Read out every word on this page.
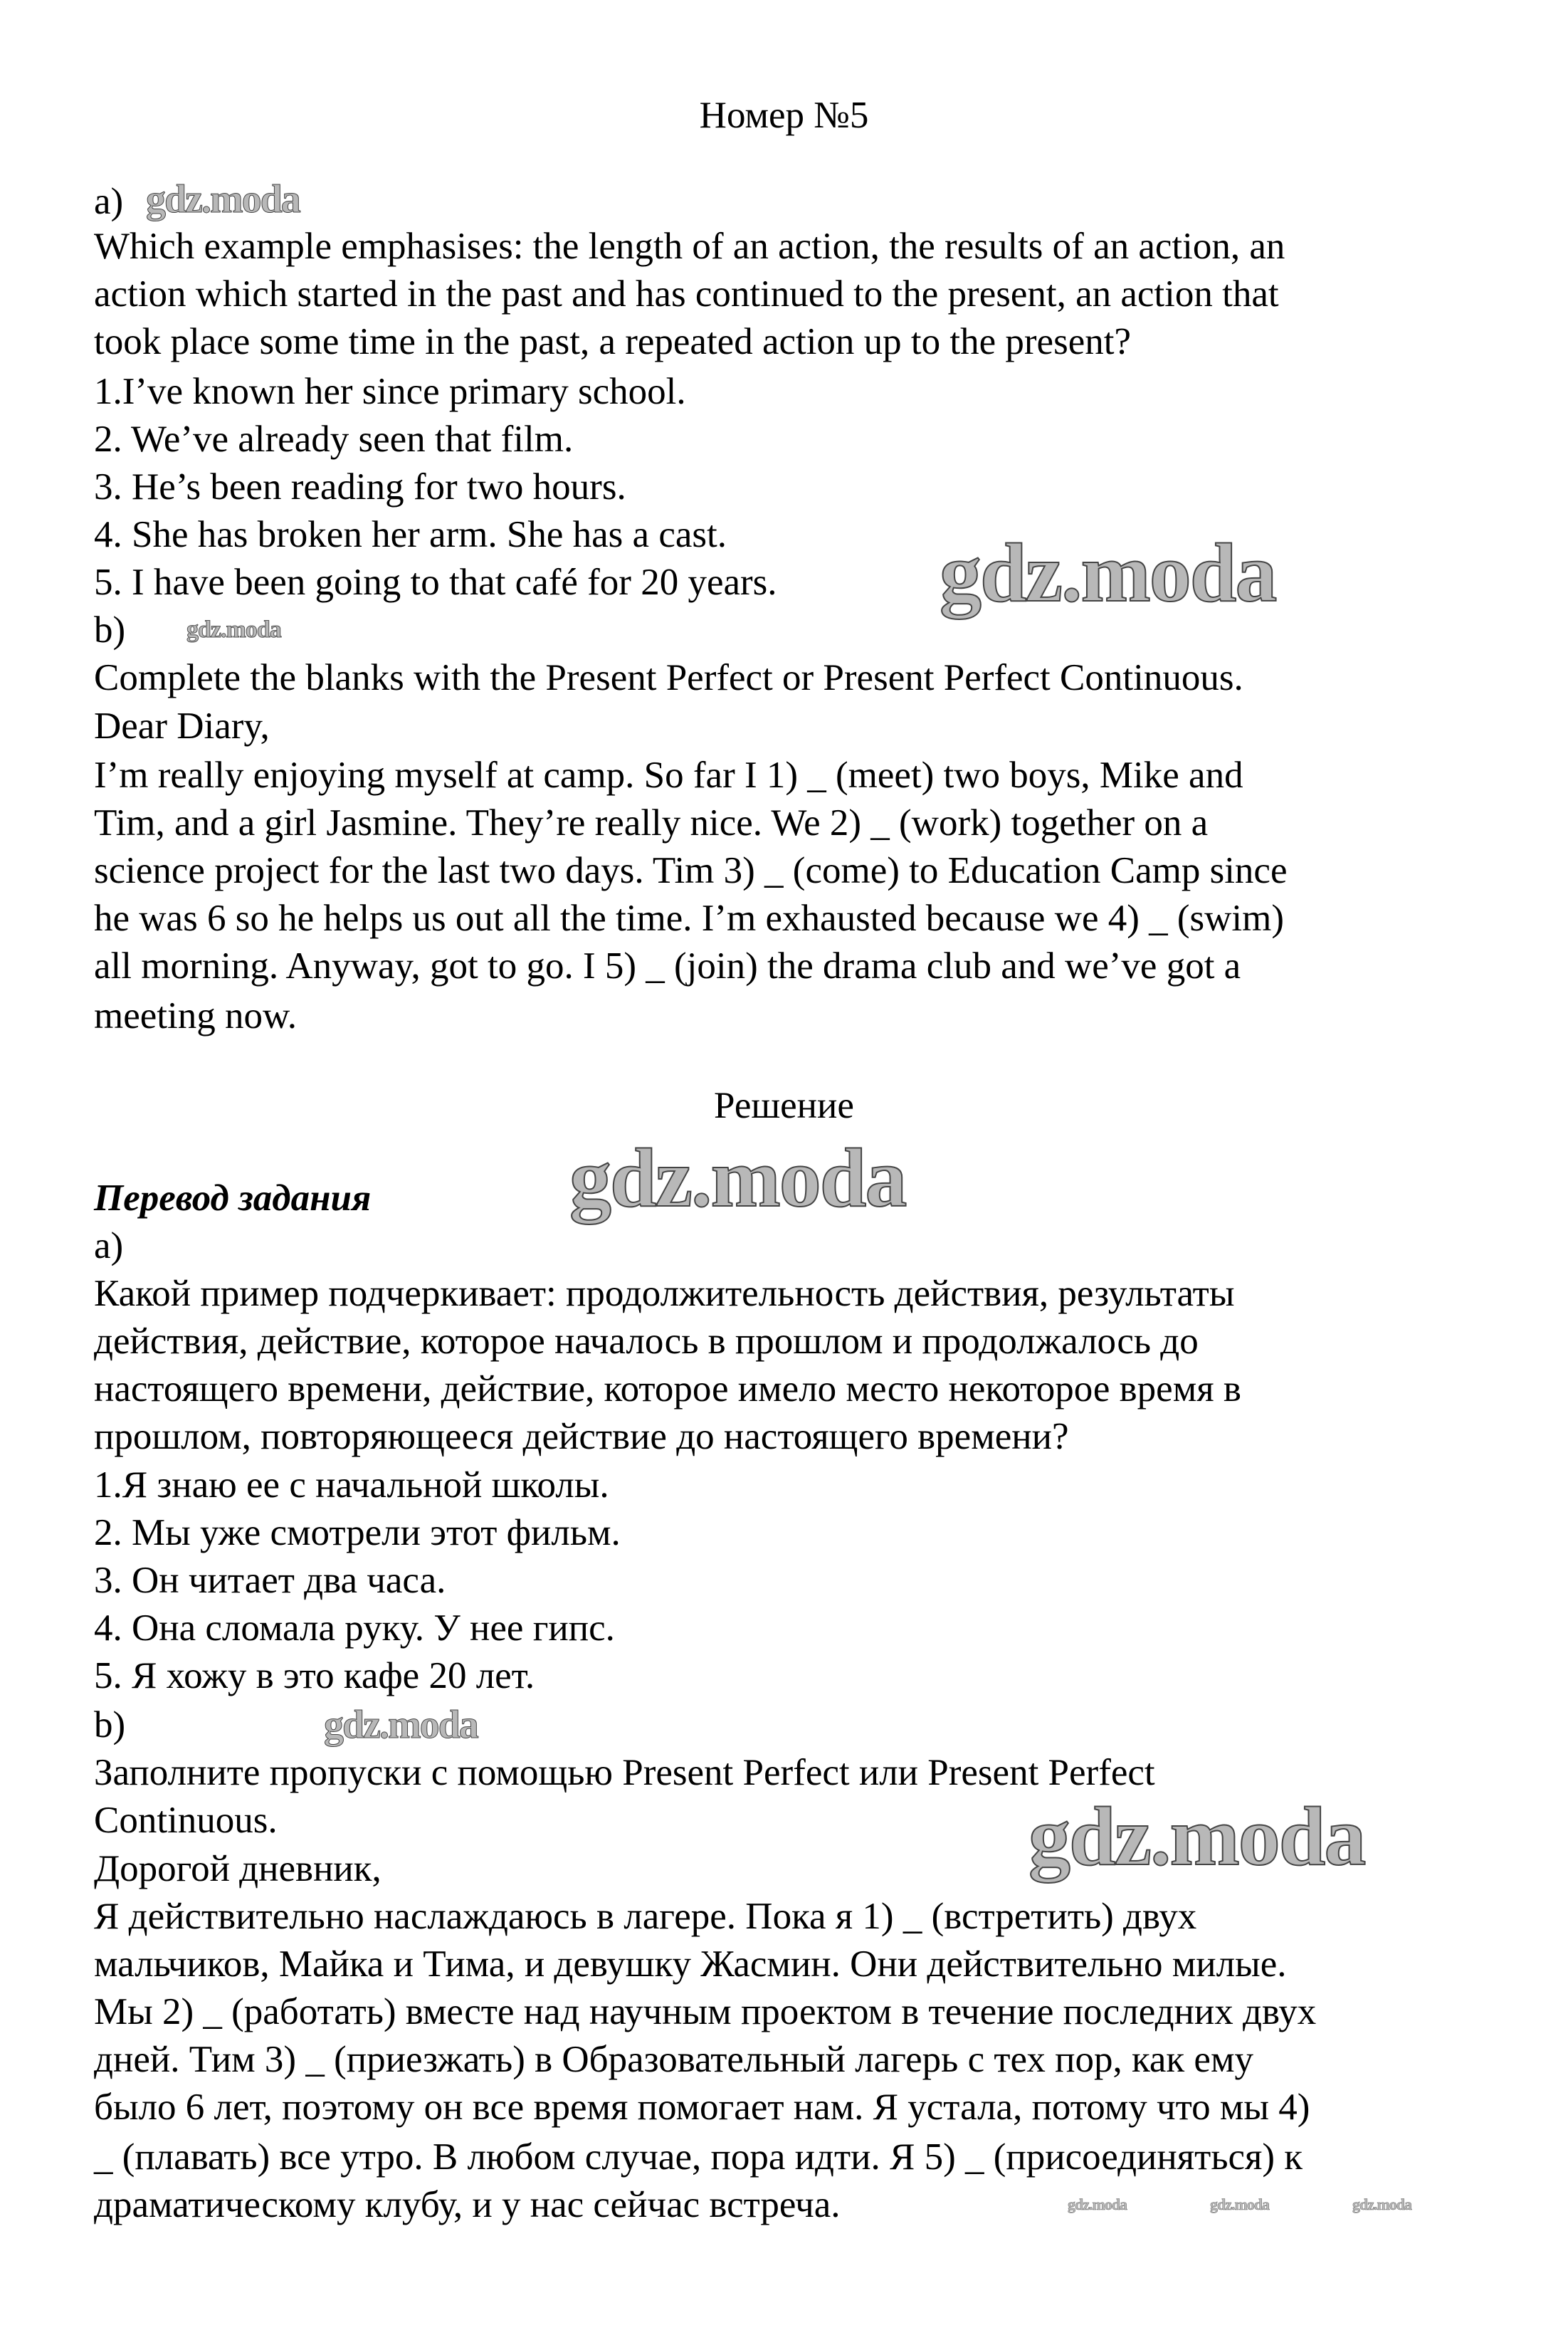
Номер №5
a)
Which example emphasises: the length of an action, the results of an action, an
action which started in the past and has continued to the present, an action that
took place some time in the past, a repeated action up to the present?
1.I’ve known her since primary school.
2. We’ve already seen that film.
3. He’s been reading for two hours.
4. She has broken her arm. She has a cast.
5. I have been going to that café for 20 years.
b)
Complete the blanks with the Present Perfect or Present Perfect Continuous.
Dear Diary,
I’m really enjoying myself at camp. So far I 1) _ (meet) two boys, Mike and
Tim, and a girl Jasmine. They’re really nice. We 2) _ (work) together on a
science project for the last two days. Tim 3) _ (come) to Education Camp since
he was 6 so he helps us out all the time. I’m exhausted because we 4) _ (swim)
all morning. Anyway, got to go. I 5) _ (join) the drama club and we’ve got a
meeting now.
Решение
Перевод задания
a)
Какой пример подчеркивает: продолжительность действия, результаты
действия, действие, которое началось в прошлом и продолжалось до
настоящего времени, действие, которое имело место некоторое время в
прошлом, повторяющееся действие до настоящего времени?
1.Я знаю ее с начальной школы.
2. Мы уже смотрели этот фильм.
3. Он читает два часа.
4. Она сломала руку. У нее гипс.
5. Я хожу в это кафе 20 лет.
b)
Заполните пропуски с помощью Present Perfect или Present Perfect
Continuous.
Дорогой дневник,
Я действительно наслаждаюсь в лагере. Пока я 1) _ (встретить) двух
мальчиков, Майка и Тима, и девушку Жасмин. Они действительно милые.
Мы 2) _ (работать) вместе над научным проектом в течение последних двух
дней. Тим 3) _ (приезжать) в Образовательный лагерь с тех пор, как ему
было 6 лет, поэтому он все время помогает нам. Я устала, потому что мы 4)
_ (плавать) все утро. В любом случае, пора идти. Я 5) _ (присоединяться) к
драматическому клубу, и у нас сейчас встреча.
gdz.moda
gdz.moda
gdz.moda
gdz.moda
gdz.moda
gdz.moda
gdz.moda	gdz.moda	gdz.moda
